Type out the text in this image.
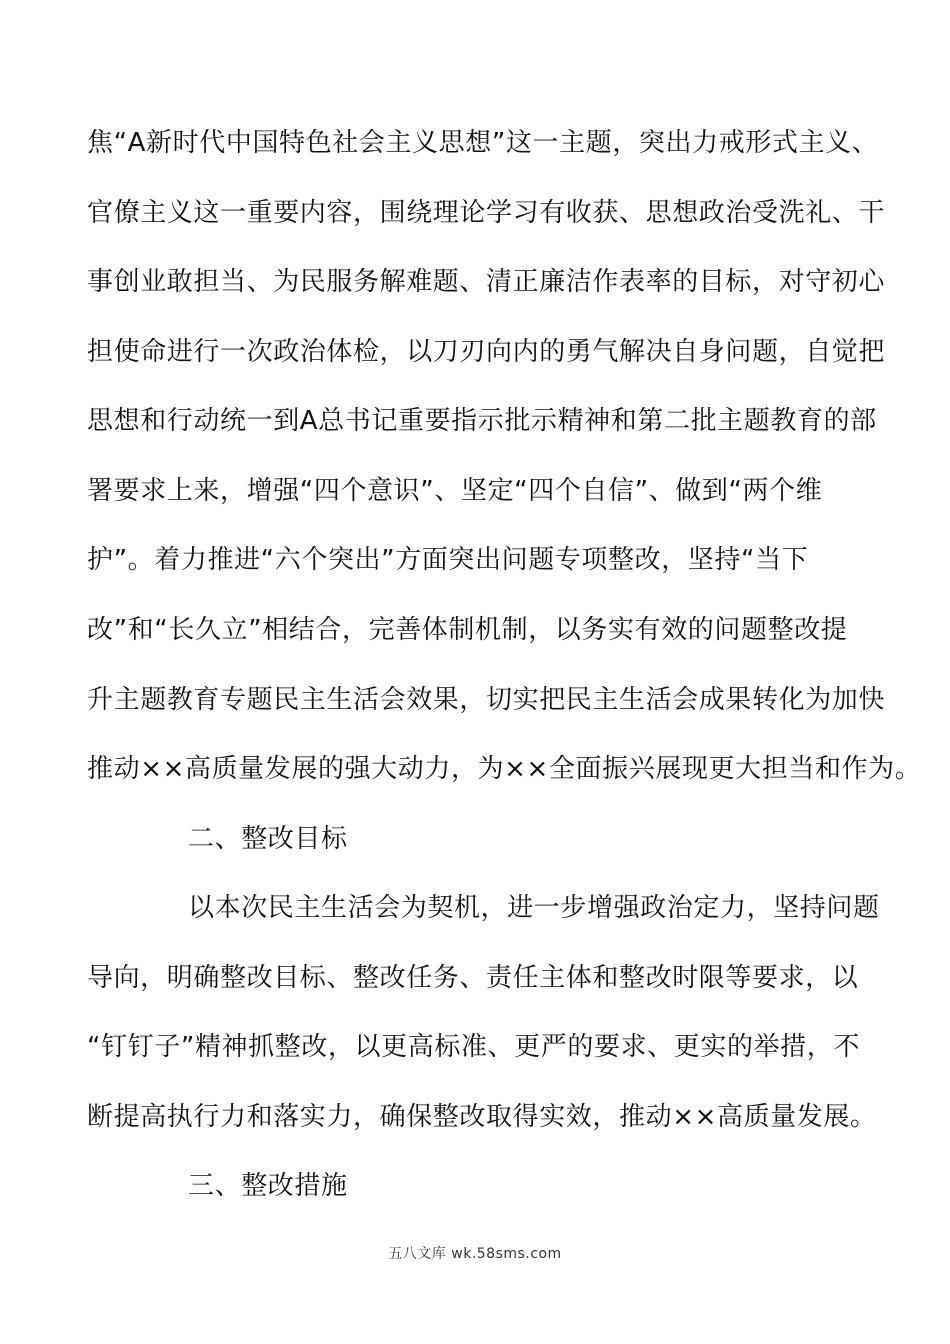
焦“A新时代中国特色社会主义思想”这一主题，突出力戒形式主义、
官僚主义这一重要内容，围绕理论学习有收获、思想政治受洗礼、干
事创业敢担当、为民服务解难题、清正廉洁作表率的目标，对守初心
担使命进行一次政治体检，以刀刃向内的勇气解决自身问题，自觉把
思想和行动统一到A总书记重要指示批示精神和第二批主题教育的部
署要求上来，增强“四个意识”、坚定“四个自信”、做到“两个维
护”。着力推进“六个突出”方面突出问题专项整改，坚持“当下
改”和“长久立”相结合，完善体制机制，以务实有效的问题整改提
升主题教育专题民主生活会效果，切实把民主生活会成果转化为加快
推动××高质量发展的强大动力，为××全面振兴展现更大担当和作为。
二、整改目标
以本次民主生活会为契机，进一步增强政治定力，坚持问题
导向，明确整改目标、整改任务、责任主体和整改时限等要求，以
“钉钉子”精神抓整改，以更高标准、更严的要求、更实的举措，不
断提高执行力和落实力，确保整改取得实效，推动××高质量发展。
三、整改措施
五八文库 wk.58sms.com
